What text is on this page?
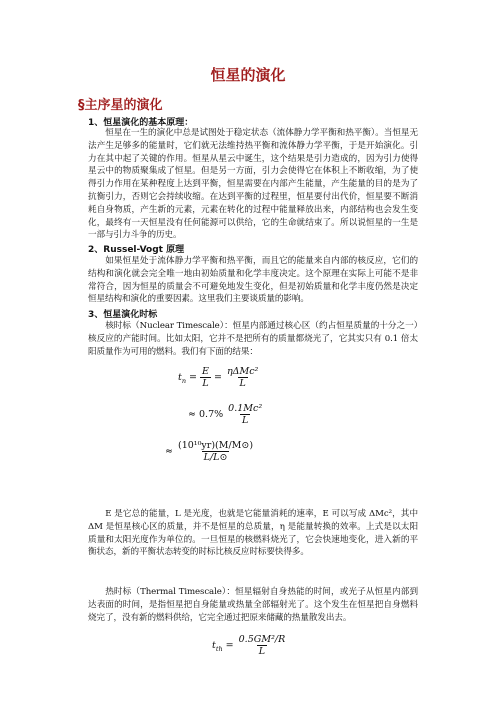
恒星的演化
§主序星的演化
1、恒星演化的基本原理：
恒星在一生的演化中总是试图处于稳定状态（流体静力学平衡和热平衡）。当恒星无法产生足够多的能量时，它们就无法维持热平衡和流体静力学平衡，于是开始演化。引力在其中起了关键的作用。恒星从星云中诞生，这个结果是引力造成的，因为引力使得星云中的物质聚集成了恒星。但是另一方面，引力会使得它在体积上不断收缩，为了使得引力作用在某种程度上达到平衡，恒星需要在内部产生能量，产生能量的目的是为了抗衡引力，否则它会持续收缩。在达到平衡的过程里，恒星要付出代价，恒星要不断消耗自身物质，产生新的元素，元素在转化的过程中能量释放出来，内部结构也会发生变化，最终有一天恒星没有任何能源可以供给，它的生命就结束了。所以说恒星的一生是一部与引力斗争的历史。
2、Russel-Vogt 原理
如果恒星处于流体静力学平衡和热平衡，而且它的能量来自内部的核反应，它们的结构和演化就会完全唯一地由初始质量和化学丰度决定。这个原理在实际上可能不是非常符合，因为恒星的质量会不可避免地发生变化，但是初始质量和化学丰度仍然是决定恒星结构和演化的重要因素。这里我们主要谈质量的影响。
3、恒星演化时标
核时标（Nuclear Timescale）：恒星内部通过核心区（约占恒星质量的十分之一）核反应的产能时间。比如太阳，它并不是把所有的质量都烧光了，它其实只有 0.1 倍太阳质量作为可用的燃料。我们有下面的结果：
$t_n = \frac{E}{L} = \frac{\text{ηΔMc²}}{L}$
≈ $0.7\% \frac{\text{0.1Mc²}}{L}$
≈ $\frac{\text{(10¹⁰yr)(M/M⊙)}}{L/L⊙}$
E 是它总的能量，L 是光度，也就是它能量消耗的速率，E 可以写成 ΔMc²，其中 ΔM 是恒星核心区的质量，并不是恒星的总质量，η 是能量转换的效率。上式是以太阳质量和太阳光度作为单位的。一旦恒星的核燃料烧光了，它会快速地变化，进入新的平衡状态，新的平衡状态转变的时标比核反应时标要快得多。
热时标（Thermal Timescale）：恒星辐射自身热能的时间，或光子从恒星内部到达表面的时间，是指恒星把自身能量或热量全部辐射光了。这个发生在恒星把自身燃料烧完了，没有新的燃料供给，它完全通过把原来储藏的热量散发出去。
$t_{th} = \frac{\text{0.5GM²/R}}{L}$
